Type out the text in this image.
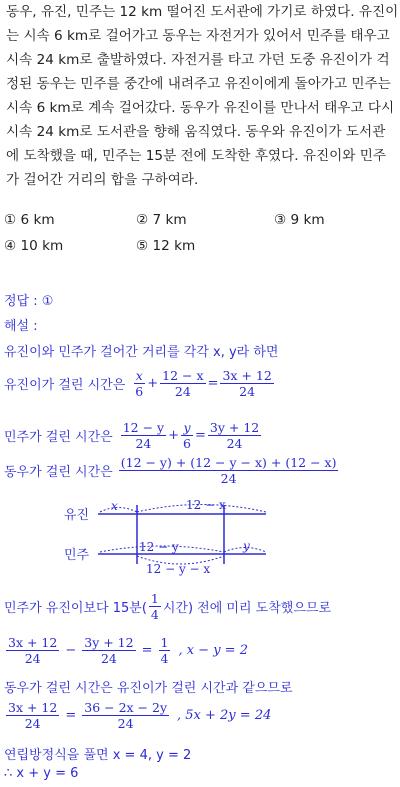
동우, 유진, 민주는 12 km 떨어진 도서관에 가기로 하였다. 유진이
는 시속 6 km로 걸어가고 동우는 자전거가 있어서 민주를 태우고
시속 24 km로 출발하였다. 자전거를 타고 가던 도중 유진이가 걱
정된 동우는 민주를 중간에 내려주고 유진이에게 돌아가고 민주는
시속 6 km로 계속 걸어갔다. 동우가 유진이를 만나서 태우고 다시
시속 24 km로 도서관을 향해 움직였다. 동우와 유진이가 도서관
에 도착했을 때, 민주는 15분 전에 도착한 후였다. 유진이와 민주
가 걸어간 거리의 합을 구하여라.
① 6 km	② 7 km	③ 9 km
④ 10 km	⑤ 12 km
정답 : ①
해설 :
유진이와 민주가 걸어간 거리를 각각 x, y라 하면
유진이가 걸린 시간은 $\frac{x}{6} + \frac{12 - x}{24} = \frac{3x + 12}{24}$
민주가 걸린 시간은 $\frac{12 - y}{24} + \frac{y}{6} = \frac{3y + 12}{24}$
동우가 걸린 시간은 $\frac{(12 - y) + (12 - y - x) + (12 - x)}{24}$
유진
민주
x	12 − x
12 − y	y
12 − y − x
민주가 유진이보다 15분( $\frac{1}{4}$ 시간) 전에 미리 도착했으므로
$\frac{3x + 12}{24} - \frac{3y + 12}{24} = \frac{1}{4}$ , x − y = 2
동우가 걸린 시간은 유진이가 걸린 시간과 같으므로
$\frac{3x + 12}{24} = \frac{36 - 2x - 2y}{24}$ , 5x + 2y = 24
연립방정식을 풀면 x = 4, y = 2
∴ x + y = 6
